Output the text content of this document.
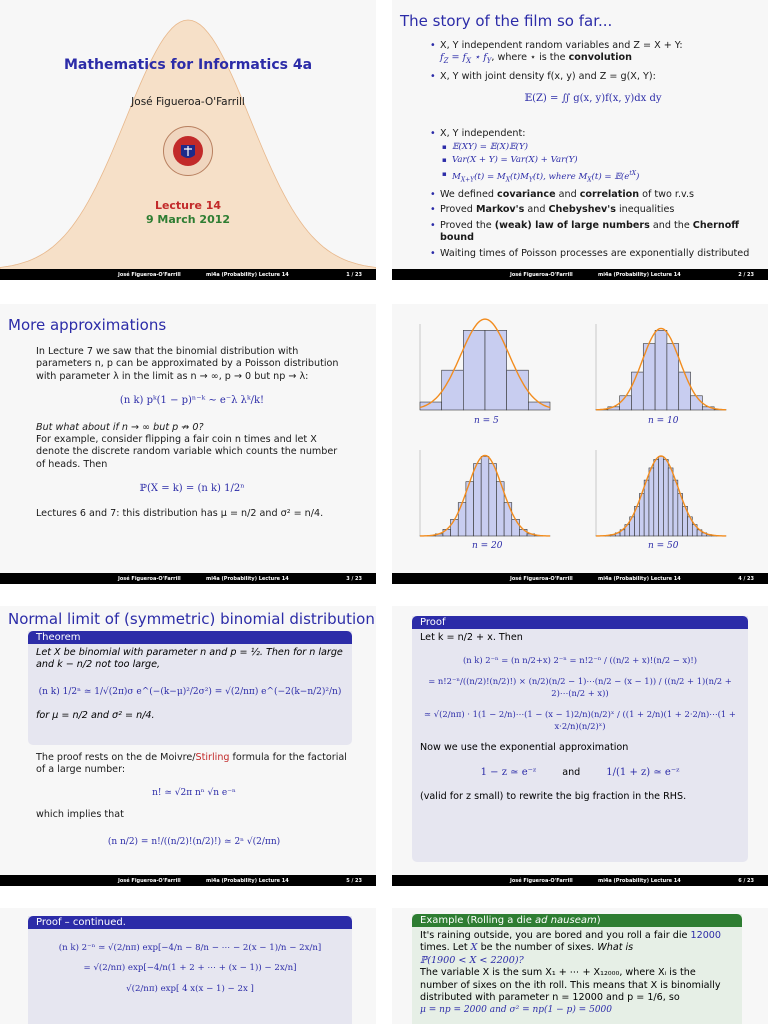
Mathematics for Informatics 4a
José Figueroa-O'Farrill
Lecture 14
9 March 2012
José Figueroa-O'Farrill	mi4a (Probability) Lecture 14	1 / 23
The story of the film so far...
• X, Y independent random variables and Z = X + Y:
$f_Z = f_X$ ⋆ $f_Y$, where ⋆ is the convolution
• X, Y with joint density f(x, y) and Z = g(X, Y):
𝔼(Z) = ∬ g(x, y)f(x, y)dx dy
• X, Y independent:
▪ 𝔼(XY) = 𝔼(X)𝔼(Y)
▪ Var(X + Y) = Var(X) + Var(Y)
▪ $M_{X+Y}(t) = M_X(t)M_Y(t)$, where $M_X(t)$ = $𝔼(e^{tX})$
• We defined covariance and correlation of two r.v.s
• Proved Markov's and Chebyshev's inequalities
• Proved the (weak) law of large numbers and the Chernoff bound
• Waiting times of Poisson processes are exponentially distributed
José Figueroa-O'Farrill	mi4a (Probability) Lecture 14	2 / 23
More approximations
In Lecture 7 we saw that the binomial distribution with parameters n, p can be approximated by a Poisson distribution with parameter λ in the limit as n → ∞, p → 0 but np → λ:
(n k) pᵏ(1 − p)ⁿ⁻ᵏ ∼ e⁻λ λᵏ/k!
But what about if n → ∞ but p ↛ 0?
For example, consider flipping a fair coin n times and let X denote the discrete random variable which counts the number of heads. Then
ℙ(X = k) = (n k) 1/2ⁿ
Lectures 6 and 7: this distribution has μ = n/2 and σ² = n/4.
José Figueroa-O'Farrill	mi4a (Probability) Lecture 14	3 / 23
n = 5	n = 10
n = 20	n = 50
José Figueroa-O'Farrill	mi4a (Probability) Lecture 14	4 / 23
Normal limit of (symmetric) binomial distribution
Theorem
Let X be binomial with parameter n and p = ½. Then for n large and k − n/2 not too large,
(n k) 1/2ⁿ ≃ 1/√(2π)σ e^(−(k−μ)²/2σ²) = √(2/nπ) e^(−2(k−n/2)²/n)
for μ = n/2 and σ² = n/4.
The proof rests on the de Moivre/Stirling formula for the factorial of a large number:
n! ≃ √2π nⁿ √n e⁻ⁿ
which implies that
(n n/2) = n!/((n/2)!(n/2)!) ≃ 2ⁿ √(2/πn)
José Figueroa-O'Farrill	mi4a (Probability) Lecture 14	5 / 23
Proof
Let k = n/2 + x. Then
(n k) 2⁻ⁿ = (n n/2+x) 2⁻ⁿ = n!2⁻ⁿ / ((n/2 + x)!(n/2 − x)!)
= n!2⁻ⁿ/((n/2)!(n/2)!) × (n/2)(n/2 − 1)⋯(n/2 − (x − 1)) / ((n/2 + 1)(n/2 + 2)⋯(n/2 + x))
≃ √(2/nπ) · 1(1 − 2/n)⋯(1 − (x − 1)2/n)(n/2)ˣ / ((1 + 2/n)(1 + 2·2/n)⋯(1 + x·2/n)(n/2)ˣ)
Now we use the exponential approximation
1 − z ≃ e⁻ᶻ	and	1/(1 + z) ≃ e⁻ᶻ
(valid for z small) to rewrite the big fraction in the RHS.
José Figueroa-O'Farrill	mi4a (Probability) Lecture 14	6 / 23
Proof – continued.
(n k) 2⁻ⁿ ≃ √(2/nπ) exp[−4/n − 8/n − ⋯ − 2(x − 1)/n − 2x/n]
= √(2/nπ) exp[−4/n(1 + 2 + ⋯ + (x − 1)) − 2x/n]
√(2/nπ) exp[ 4 x(x − 1) − 2x ]
Example (Rolling a die ad nauseam)
It's raining outside, you are bored and you roll a fair die 12000 times. Let X be the number of sixes. What is
ℙ(1900 < X < 2200)?
The variable X is the sum X₁ + ⋯ + X₁₂₀₀₀, where Xᵢ is the number of sixes on the ith roll. This means that X is binomially distributed with parameter n = 12000 and p = 1/6, so
μ = np = 2000 and σ² = np(1 − p) = 5000
